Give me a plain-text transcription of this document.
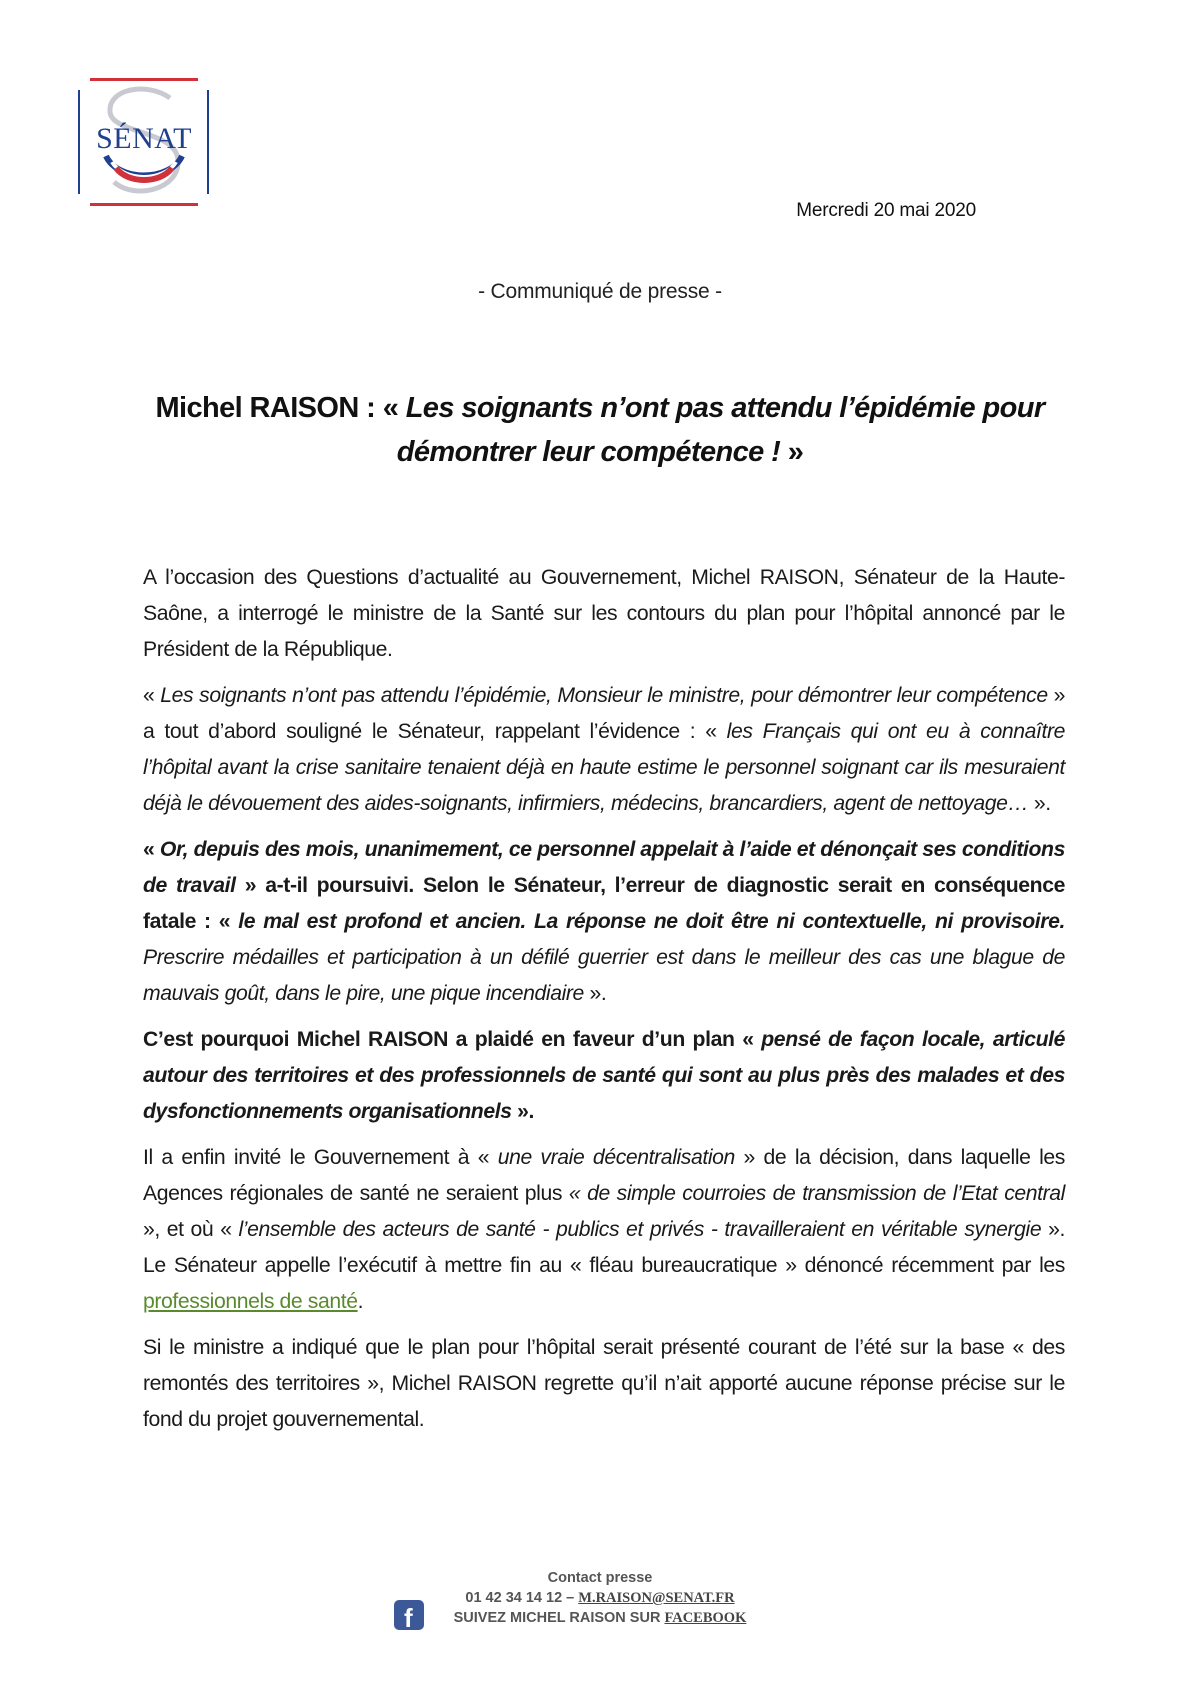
SÉNAT
Mercredi 20 mai 2020
- Communiqué de presse -
Michel RAISON : « Les soignants n’ont pas attendu l’épidémie pour démontrer leur compétence ! »

A l’occasion des Questions d’actualité au Gouvernement, Michel RAISON, Sénateur de la Haute-Saône, a interrogé le ministre de la Santé sur les contours du plan pour l’hôpital annoncé par le Président de la République.

« Les soignants n’ont pas attendu l’épidémie, Monsieur le ministre, pour démontrer leur compétence » a tout d’abord souligné le Sénateur, rappelant l’évidence : « les Français qui ont eu à connaître l’hôpital avant la crise sanitaire tenaient déjà en haute estime le personnel soignant car ils mesuraient déjà le dévouement des aides-soignants, infirmiers, médecins, brancardiers, agent de nettoyage… ».

« Or, depuis des mois, unanimement, ce personnel appelait à l’aide et dénonçait ses conditions de travail » a-t-il poursuivi. Selon le Sénateur, l’erreur de diagnostic serait en conséquence fatale : « le mal est profond et ancien. La réponse ne doit être ni contextuelle, ni provisoire. Prescrire médailles et participation à un défilé guerrier est dans le meilleur des cas une blague de mauvais goût, dans le pire, une pique incendiaire ».

C’est pourquoi Michel RAISON a plaidé en faveur d’un plan « pensé de façon locale, articulé autour des territoires et des professionnels de santé qui sont au plus près des malades et des dysfonctionnements organisationnels ».

Il a enfin invité le Gouvernement à « une vraie décentralisation » de la décision, dans laquelle les Agences régionales de santé ne seraient plus « de simple courroies de transmission de l’Etat central », et où « l’ensemble des acteurs de santé - publics et privés - travailleraient en véritable synergie ». Le Sénateur appelle l’exécutif à mettre fin au « fléau bureaucratique » dénoncé récemment par les professionnels de santé.

Si le ministre a indiqué que le plan pour l’hôpital serait présenté courant de l’été sur la base « des remontés des territoires », Michel RAISON regrette qu’il n’ait apporté aucune réponse précise sur le fond du projet gouvernemental.

Contact presse
01 42 34 14 12 – M.RAISON@SENAT.FR
SUIVEZ MICHEL RAISON SUR FACEBOOK
f
